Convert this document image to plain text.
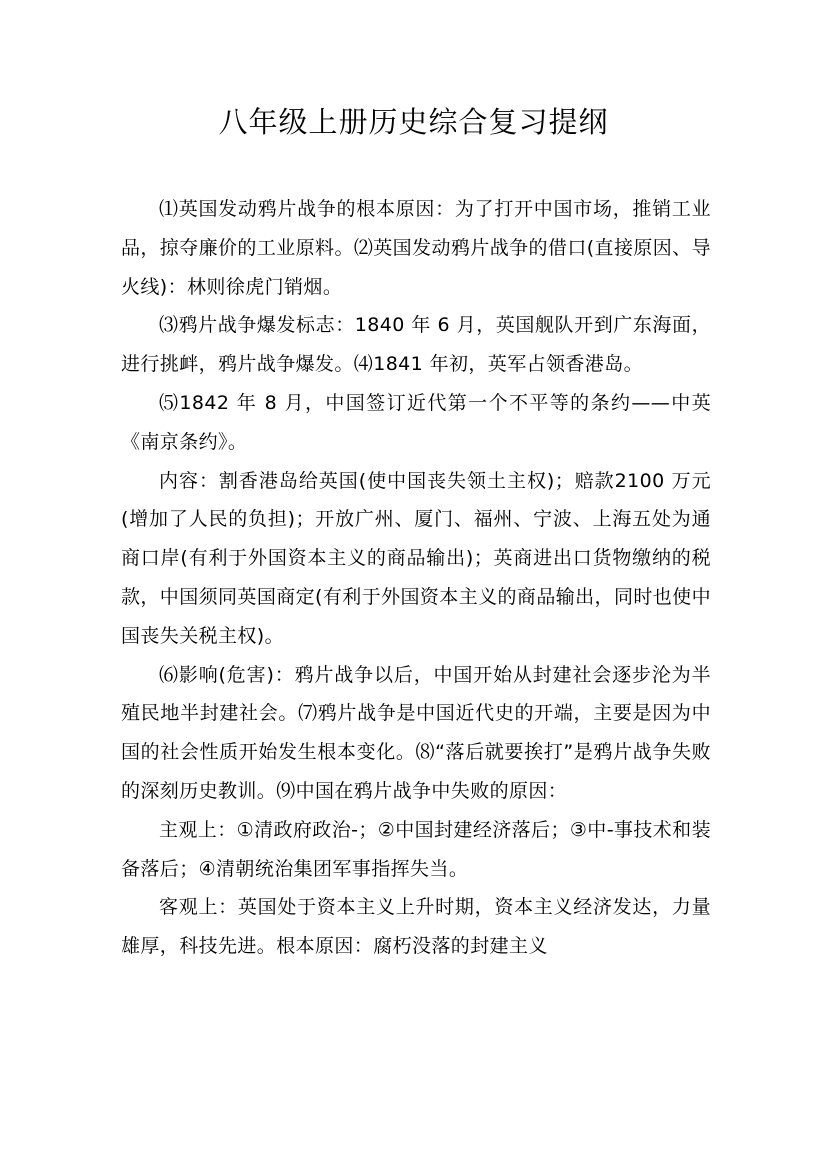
八年级上册历史综合复习提纲

⑴英国发动鸦片战争的根本原因：为了打开中国市场，推销工业品，掠夺廉价的工业原料。⑵英国发动鸦片战争的借口(直接原因、导火线)：林则徐虎门销烟。

⑶鸦片战争爆发标志：1840 年 6 月，英国舰队开到广东海面，进行挑衅，鸦片战争爆发。⑷1841 年初，英军占领香港岛。

⑸1842 年 8 月，中国签订近代第一个不平等的条约——中英《南京条约》。

内容：割香港岛给英国(使中国丧失领土主权)；赔款2100 万元(增加了人民的负担)；开放广州、厦门、福州、宁波、上海五处为通商口岸(有利于外国资本主义的商品输出)；英商进出口货物缴纳的税款，中国须同英国商定(有利于外国资本主义的商品输出，同时也使中国丧失关税主权)。

⑹影响(危害)：鸦片战争以后，中国开始从封建社会逐步沦为半殖民地半封建社会。⑺鸦片战争是中国近代史的开端，主要是因为中国的社会性质开始发生根本变化。⑻“落后就要挨打”是鸦片战争失败的深刻历史教训。⑼中国在鸦片战争中失败的原因：

主观上：①清政府政治-；②中国封建经济落后；③中-事技术和装备落后；④清朝统治集团军事指挥失当。

客观上：英国处于资本主义上升时期，资本主义经济发达，力量雄厚，科技先进。根本原因：腐朽没落的封建主义
